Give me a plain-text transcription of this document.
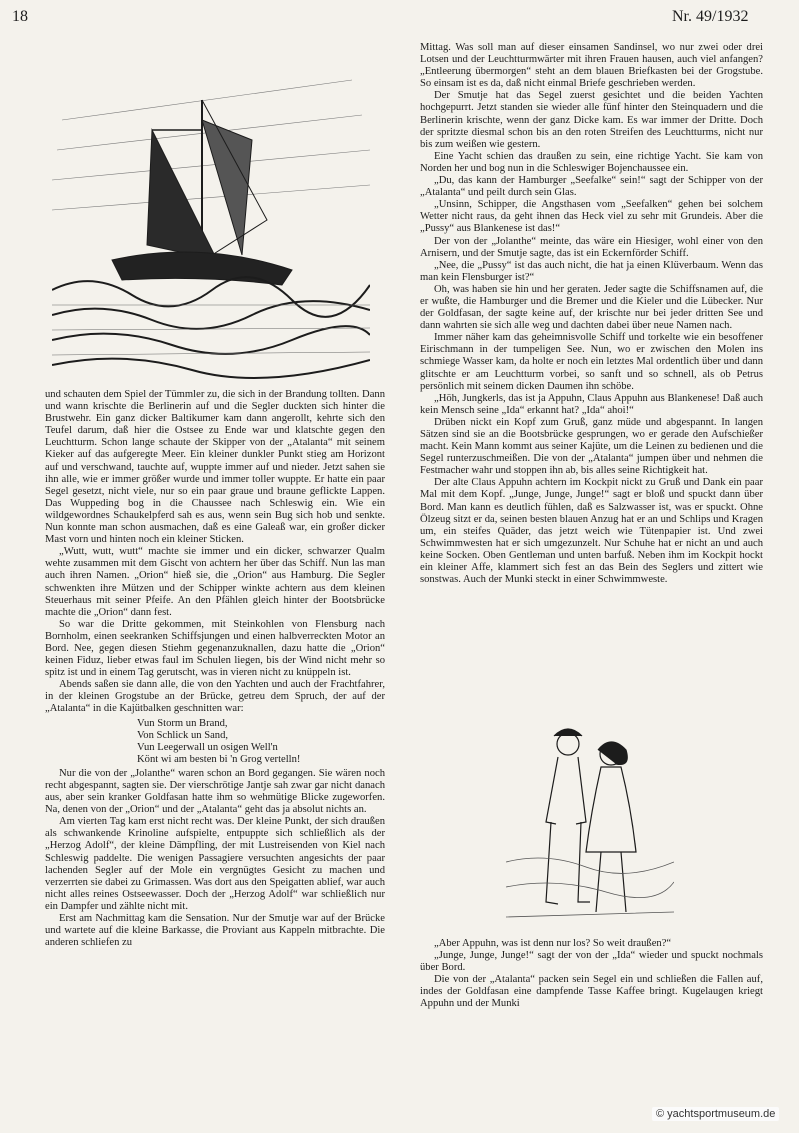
18	Nr. 49/1932

und schauten dem Spiel der Tümmler zu, die sich in der Brandung tollten. Dann und wann krischte die Berlinerin auf und die Segler duckten sich hinter die Brustwehr. Ein ganz dicker Baltikumer kam dann angerollt, kehrte sich den Teufel darum, daß hier die Ostsee zu Ende war und klatschte gegen den Leuchtturm. Schon lange schaute der Skipper von der „Atalanta“ mit seinem Kieker auf das aufgeregte Meer. Ein kleiner dunkler Punkt stieg am Horizont auf und verschwand, tauchte auf, wuppte immer auf und nieder. Jetzt sahen sie ihn alle, wie er immer größer wurde und immer toller wuppte. Er hatte ein paar Segel gesetzt, nicht viele, nur so ein paar graue und braune geflickte Lappen. Das Wuppeding bog in die Chaussee nach Schleswig ein. Wie ein wildgewordnes Schaukelpferd sah es aus, wenn sein Bug sich hob und senkte. Nun konnte man schon ausmachen, daß es eine Galeaß war, ein großer dicker Mast vorn und hinten noch ein kleiner Sticken.

„Wutt, wutt, wutt“ machte sie immer und ein dicker, schwarzer Qualm wehte zusammen mit dem Gischt von achtern her über das Schiff. Nun las man auch ihren Namen. „Orion“ hieß sie, die „Orion“ aus Hamburg. Die Segler schwenkten ihre Mützen und der Schipper winkte achtern aus dem kleinen Steuerhaus mit seiner Pfeife. An den Pfählen gleich hinter der Bootsbrücke machte die „Orion“ dann fest.

So war die Dritte gekommen, mit Steinkohlen von Flensburg nach Bornholm, einen seekranken Schiffsjungen und einen halbverreckten Motor an Bord. Nee, gegen diesen Stiehm gegenanzuknallen, dazu hatte die „Orion“ keinen Fiduz, lieber etwas faul im Schulen liegen, bis der Wind nicht mehr so spitz ist und in einem Tag gerutscht, was in vieren nicht zu knüppeln ist.

Abends saßen sie dann alle, die von den Yachten und auch der Frachtfahrer, in der kleinen Grogstube an der Brücke, getreu dem Spruch, der auf der „Atalanta“ in die Kajütbalken geschnitten war:

Vun Storm un Brand,
Von Schlick un Sand,
Vun Leegerwall un osigen Well'n
Könt wi am besten bi 'n Grog vertelln!

Nur die von der „Jolanthe“ waren schon an Bord gegangen. Sie wären noch recht abgespannt, sagten sie. Der vierschrötige Jantje sah zwar gar nicht danach aus, aber sein kranker Goldfasan hatte ihm so wehmütige Blicke zugeworfen. Na, denen von der „Orion“ und der „Atalanta“ geht das ja absolut nichts an.

Am vierten Tag kam erst nicht recht was. Der kleine Punkt, der sich draußen als schwankende Krinoline aufspielte, entpuppte sich schließlich als der „Herzog Adolf“, der kleine Dämpfling, der mit Lustreisenden von Kiel nach Schleswig paddelte. Die wenigen Passagiere versuchten angesichts der paar lachenden Segler auf der Mole ein vergnügtes Gesicht zu machen und verzerrten sie dabei zu Grimassen. Was dort aus den Speigatten ablief, war auch nicht alles reines Ostseewasser. Doch der „Herzog Adolf“ war schließlich nur ein Dampfer und zählte nicht mit.

Erst am Nachmittag kam die Sensation. Nur der Smutje war auf der Brücke und wartete auf die kleine Barkasse, die Proviant aus Kappeln mitbrachte. Die anderen schliefen zu

Mittag. Was soll man auf dieser einsamen Sandinsel, wo nur zwei oder drei Lotsen und der Leuchtturmwärter mit ihren Frauen hausen, auch viel anfangen? „Entleerung übermorgen“ steht an dem blauen Briefkasten bei der Grogstube. So einsam ist es da, daß nicht einmal Briefe geschrieben werden.

Der Smutje hat das Segel zuerst gesichtet und die beiden Yachten hochgepurrt. Jetzt standen sie wieder alle fünf hinter den Steinquadern und die Berlinerin krischte, wenn der ganz Dicke kam. Es war immer der Dritte. Doch der spritzte diesmal schon bis an den roten Streifen des Leuchtturms, nicht nur bis zum weißen wie gestern.

Eine Yacht schien das draußen zu sein, eine richtige Yacht. Sie kam von Norden her und bog nun in die Schleswiger Bojenchaussee ein.

„Du, das kann der Hamburger „Seefalke“ sein!“ sagt der Schipper von der „Atalanta“ und peilt durch sein Glas.

„Unsinn, Schipper, die Angsthasen vom „Seefalken“ gehen bei solchem Wetter nicht raus, da geht ihnen das Heck viel zu sehr mit Grundeis. Aber die „Pussy“ aus Blankenese ist das!“

Der von der „Jolanthe“ meinte, das wäre ein Hiesiger, wohl einer von den Arnisern, und der Smutje sagte, das ist ein Eckernförder Schiff.

„Nee, die „Pussy“ ist das auch nicht, die hat ja einen Klüverbaum. Wenn das man kein Flensburger ist?“

Oh, was haben sie hin und her geraten. Jeder sagte die Schiffsnamen auf, die er wußte, die Hamburger und die Bremer und die Kieler und die Lübecker. Nur der Goldfasan, der sagte keine auf, der krischte nur bei jeder dritten See und dann wahrten sie sich alle weg und dachten dabei über neue Namen nach.

Immer näher kam das geheimnisvolle Schiff und torkelte wie ein besoffener Eirischmann in der tumpeligen See. Nun, wo er zwischen den Molen ins schmiege Wasser kam, da holte er noch ein letztes Mal ordentlich über und dann glitschte er am Leuchtturm vorbei, so sanft und so schnell, als ob Petrus persönlich mit seinem dicken Daumen ihn schöbe.

„Höh, Jungkerls, das ist ja Appuhn, Claus Appuhn aus Blankenese! Daß auch kein Mensch seine „Ida“ erkannt hat? „Ida“ ahoi!“

Drüben nickt ein Kopf zum Gruß, ganz müde und abgespannt. In langen Sätzen sind sie an die Bootsbrücke gesprungen, wo er gerade den Aufschießer macht. Kein Mann kommt aus seiner Kajüte, um die Leinen zu bedienen und die Segel runterzuschmeißen. Die von der „Atalanta“ jumpen über und nehmen die Festmacher wahr und stoppen ihn ab, bis alles seine Richtigkeit hat.

Der alte Claus Appuhn achtern im Kockpit nickt zu Gruß und Dank ein paar Mal mit dem Kopf. „Junge, Junge, Junge!“ sagt er bloß und spuckt dann über Bord. Man kann es deutlich fühlen, daß es Salzwasser ist, was er spuckt. Ohne Ölzeug sitzt er da, seinen besten blauen Anzug hat er an und Schlips und Kragen um, ein steifes Quäder, das jetzt weich wie Tütenpapier ist. Und zwei Schwimmwesten hat er sich umgezunzelt. Nur Schuhe hat er nicht an und auch keine Socken. Oben Gentleman und unten barfuß. Neben ihm im Kockpit hockt ein kleiner Affe, klammert sich fest an das Bein des Seglers und zittert wie sonstwas. Auch der Munki steckt in einer Schwimmweste.

„Aber Appuhn, was ist denn nur los? So weit draußen?“

„Junge, Junge, Junge!“ sagt der von der „Ida“ wieder und spuckt nochmals über Bord.

Die von der „Atalanta“ packen sein Segel ein und schließen die Fallen auf, indes der Goldfasan eine dampfende Tasse Kaffee bringt. Kugelaugen kriegt Appuhn und der Munki

© yachtsportmuseum.de
